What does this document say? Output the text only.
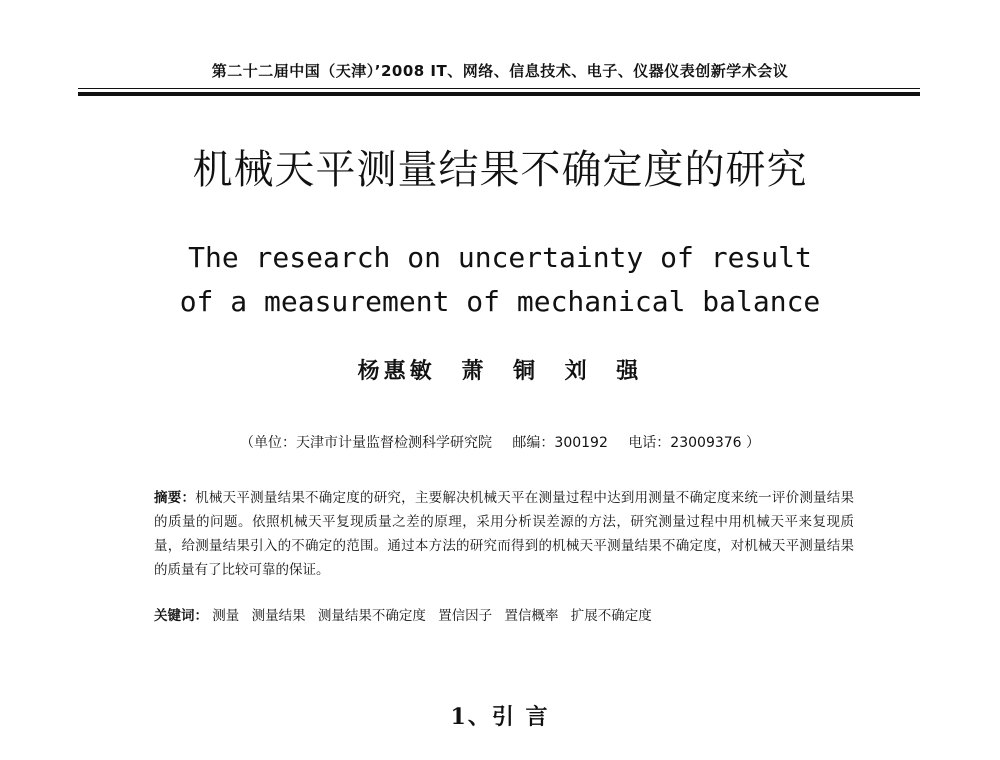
第二十二届中国（天津）’2008 IT、网络、信息技术、电子、仪器仪表创新学术会议
机械天平测量结果不确定度的研究
The research on uncertainty of result
of a measurement of mechanical balance
杨惠敏 萧 铜 刘 强
（单位：天津市计量监督检测科学研究院 邮编：300192 电话：23009376 ）
摘要：机械天平测量结果不确定度的研究，主要解决机械天平在测量过程中达到用测量不确定度来统一评价测量结果的质量的问题。依照机械天平复现质量之差的原理，采用分析误差源的方法，研究测量过程中用机械天平来复现质量，给测量结果引入的不确定的范围。通过本方法的研究而得到的机械天平测量结果不确定度，对机械天平测量结果的质量有了比较可靠的保证。
关键词： 测量 测量结果 测量结果不确定度 置信因子 置信概率 扩展不确定度
1、引 言
